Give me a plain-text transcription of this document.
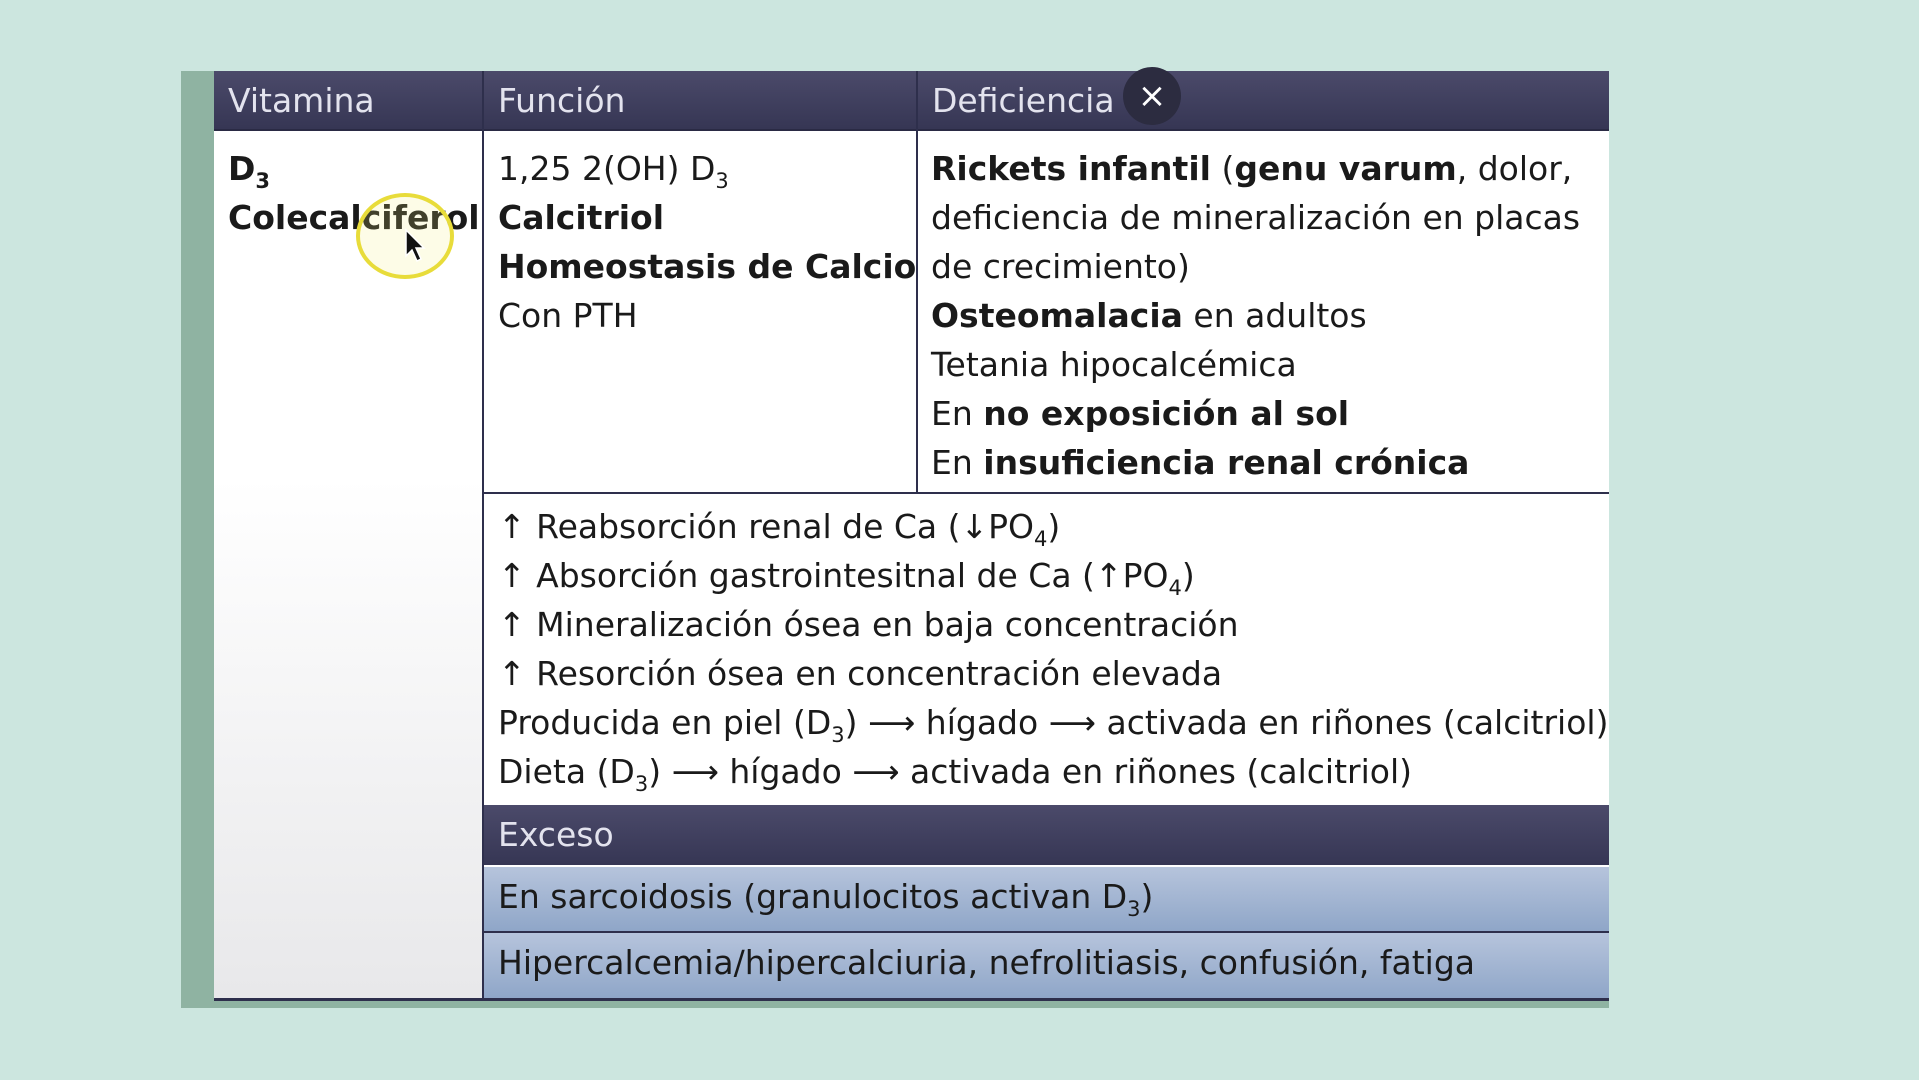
Vitamina	Función	Deficiencia
$D_3$
Colecalciferol
1,25 2(OH) $D_3$
Calcitriol
Homeostasis de Calcio
Con PTH
Rickets infantil (genu varum, dolor,
deficiencia de mineralización en placas
de crecimiento)
Osteomalacia en adultos
Tetania hipocalcémica
En no exposición al sol
En insuficiencia renal crónica
↑ Reabsorción renal de Ca $(↓PO_4)$
↑ Absorción gastrointesitnal de Ca $(↑PO_4)$
↑ Mineralización ósea en baja concentración
↑ Resorción ósea en concentración elevada
Producida en piel $(D_3)$ ⟶ hígado ⟶ activada en riñones (calcitriol)
Dieta $(D_3)$ ⟶ hígado ⟶ activada en riñones (calcitriol)
Exceso
En sarcoidosis (granulocitos activan $D_3$)
Hipercalcemia/hipercalciuria, nefrolitiasis, confusión, fatiga
×
